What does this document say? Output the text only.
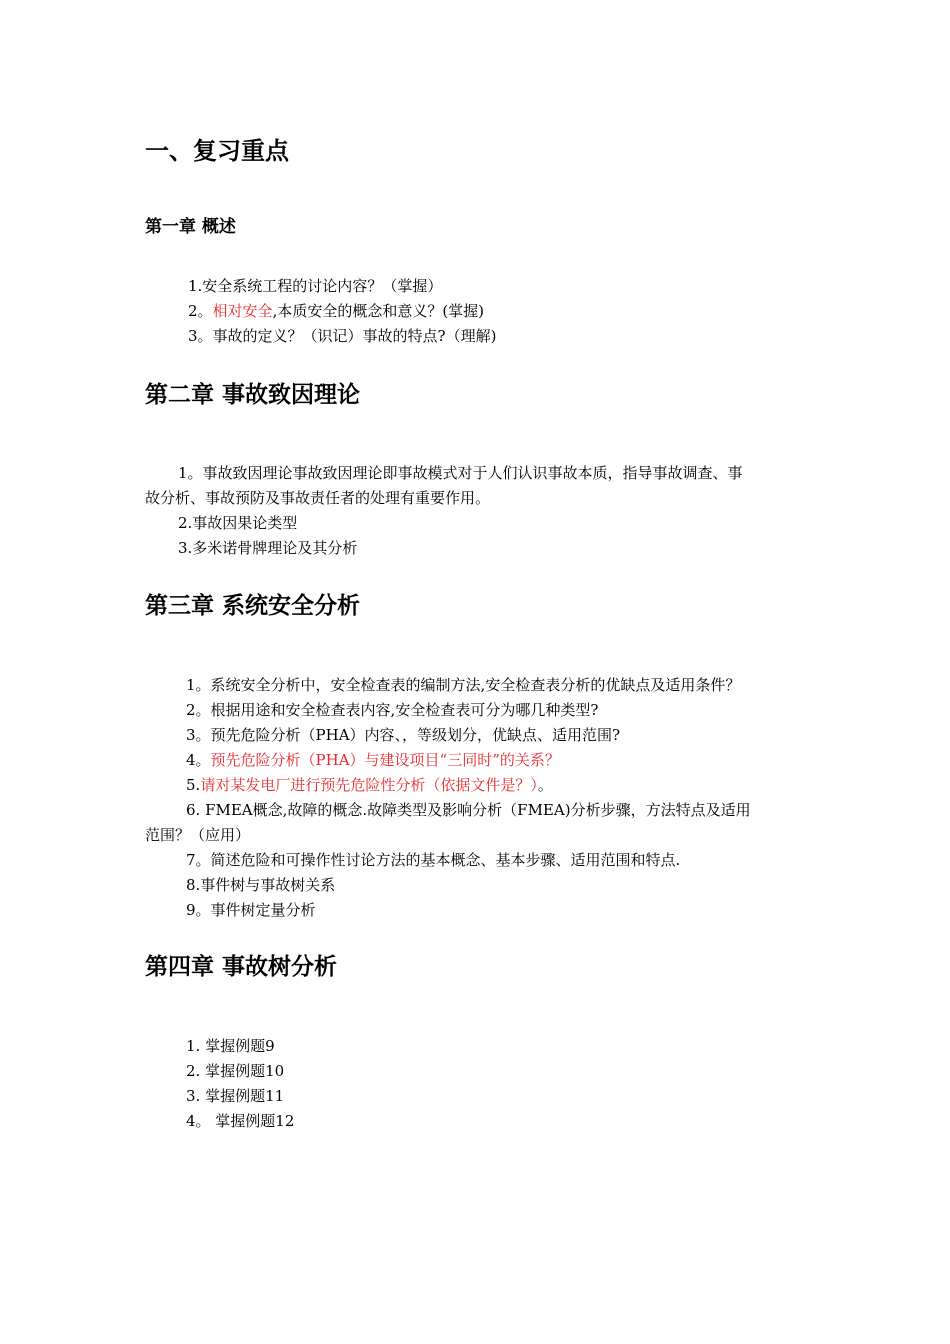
一、复习重点
第一章 概述
1.安全系统工程的讨论内容？（掌握）
2。相对安全,本质安全的概念和意义？(掌握)
3。事故的定义？（识记）事故的特点?（理解)
第二章 事故致因理论
1。事故致因理论事故致因理论即事故模式对于人们认识事故本质，指导事故调查、事
故分析、事故预防及事故责任者的处理有重要作用。
2.事故因果论类型
3.多米诺骨牌理论及其分析
第三章 系统安全分析
1。系统安全分析中，安全检查表的编制方法,安全检查表分析的优缺点及适用条件？
2。根据用途和安全检查表内容,安全检查表可分为哪几种类型?
3。预先危险分析（PHA）内容、，等级划分，优缺点、适用范围?
4。预先危险分析（PHA）与建设项目“三同时”的关系？
5.请对某发电厂进行预先危险性分析（依据文件是？）。
6. FMEA概念,故障的概念.故障类型及影响分析（FMEA)分析步骤，方法特点及适用
范围？（应用）
7。简述危险和可操作性讨论方法的基本概念、基本步骤、适用范围和特点.
8.事件树与事故树关系
9。事件树定量分析
第四章 事故树分析
1. 掌握例题9
2. 掌握例题10
3. 掌握例题11
4。 掌握例题12
